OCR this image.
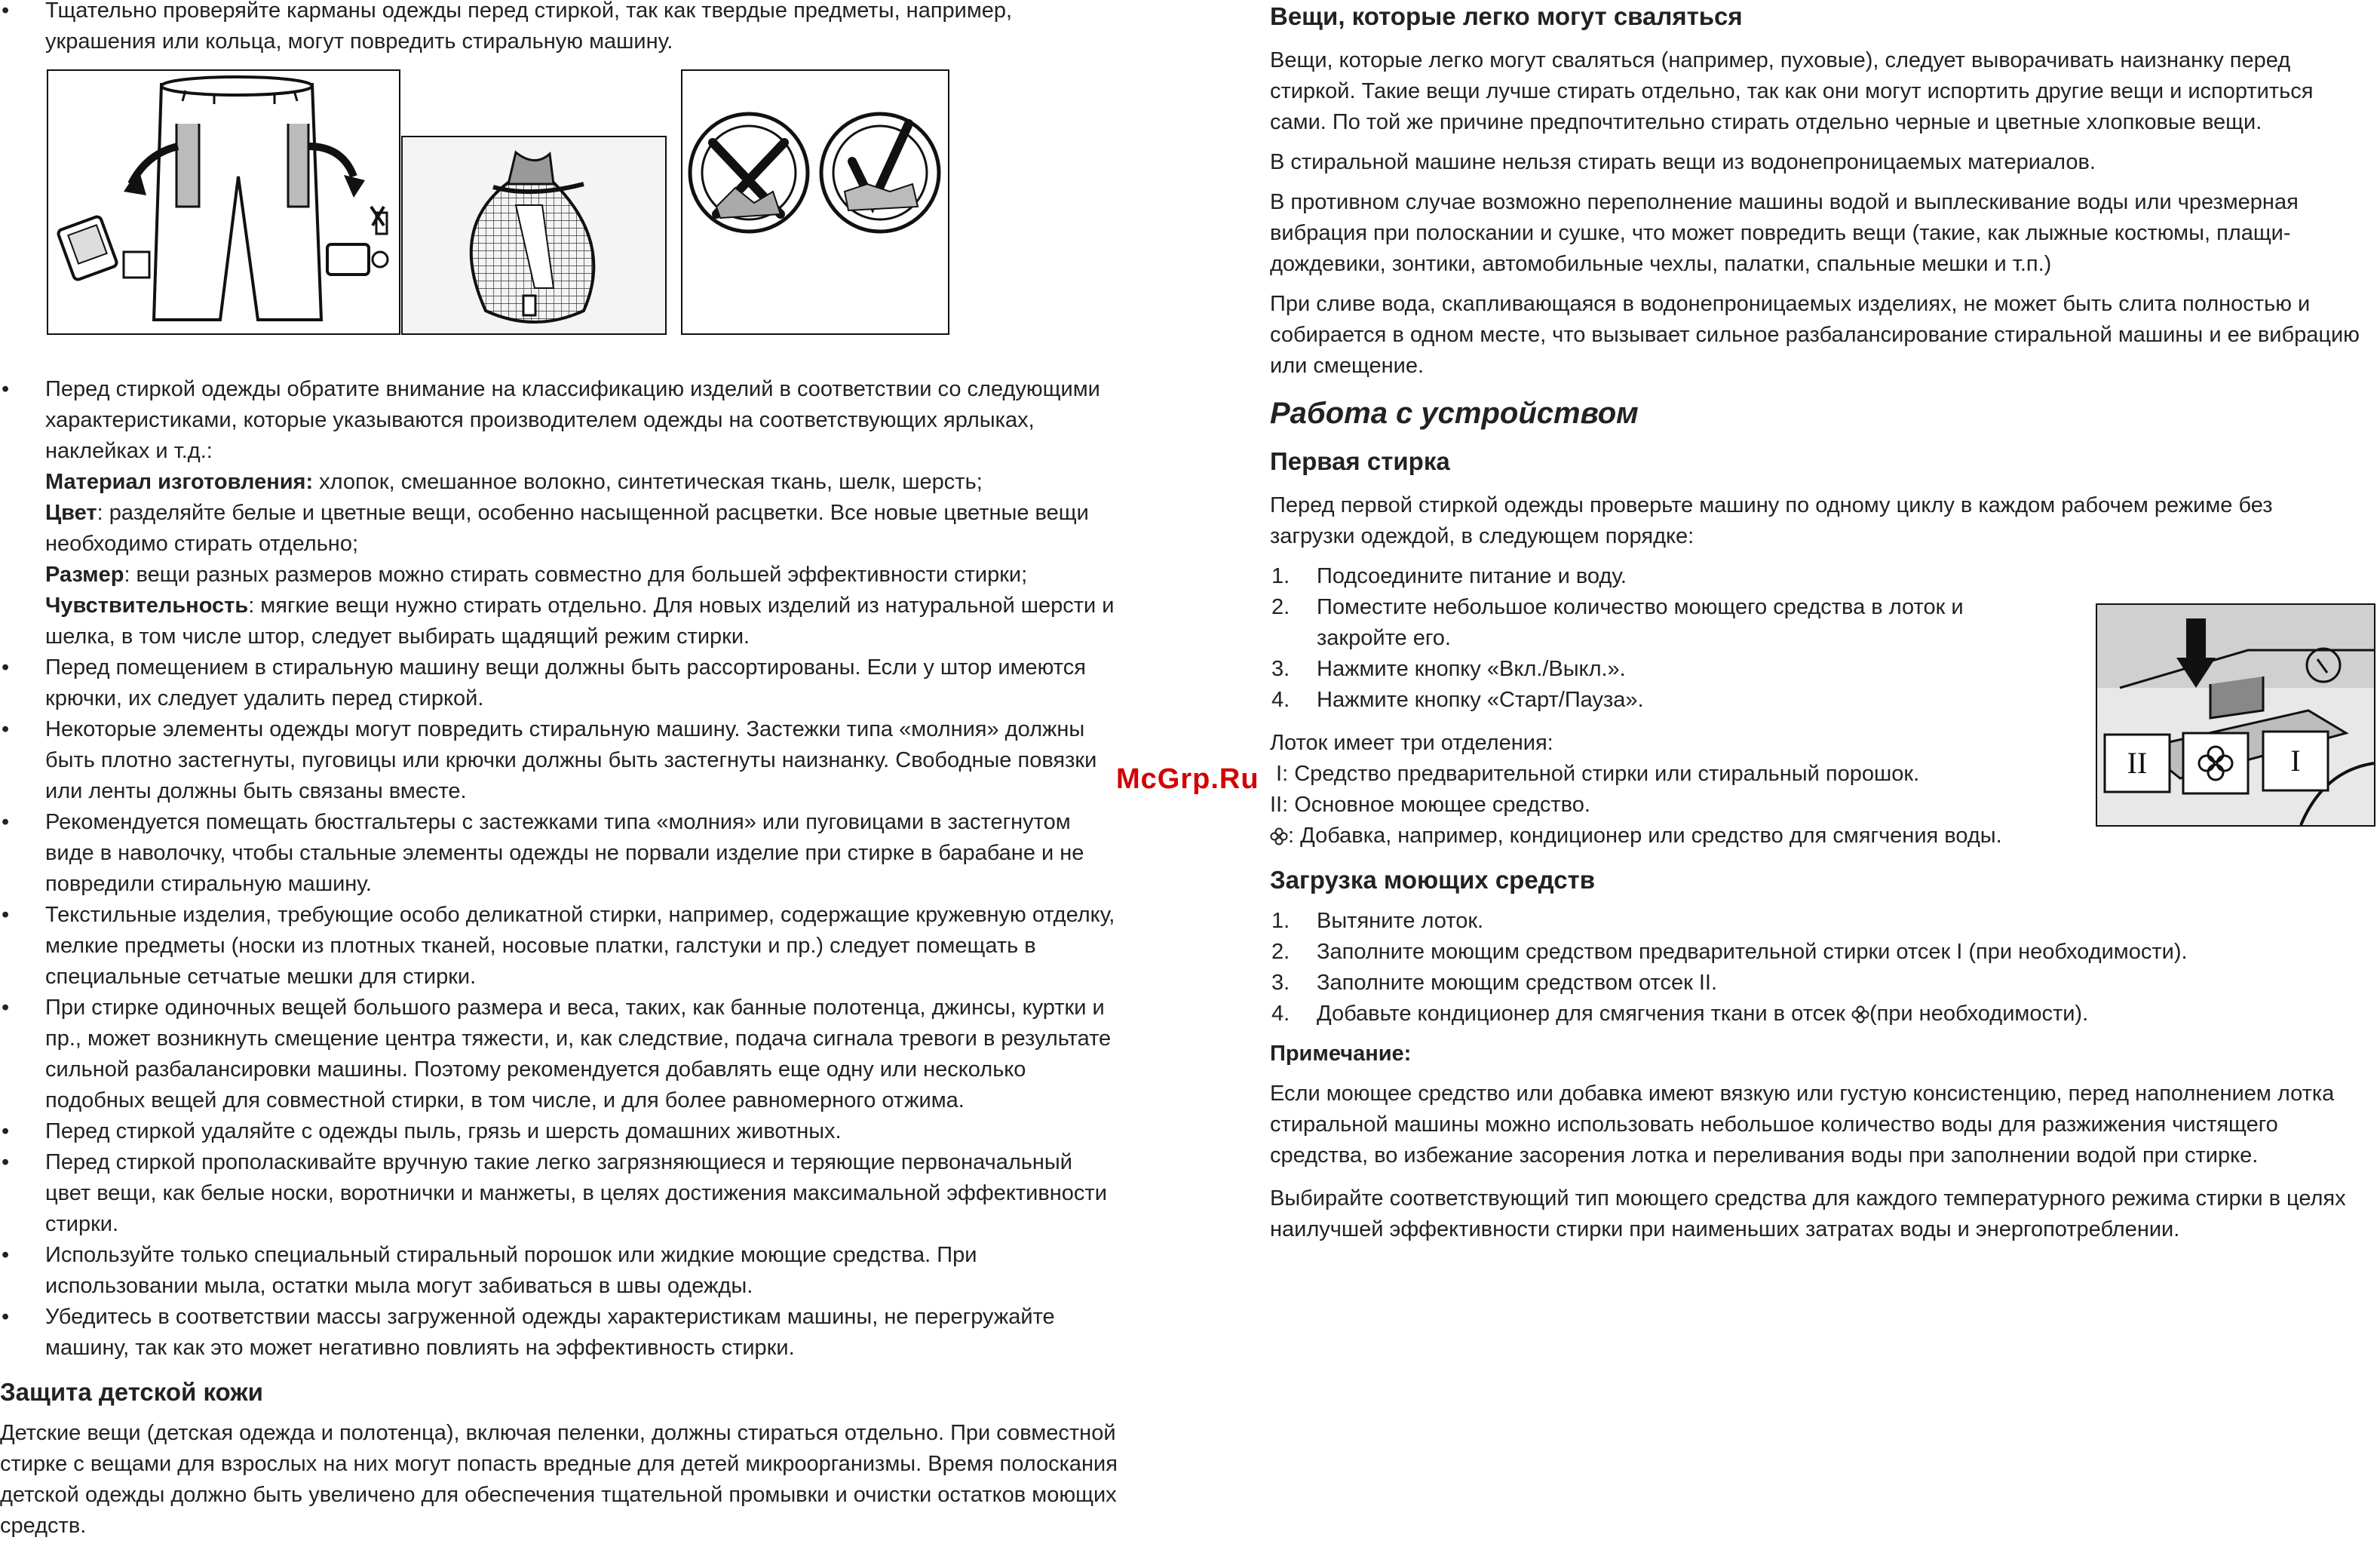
• Тщательно проверяйте карманы одежды перед стиркой, так как твердые предметы, например, украшения или кольца, могут повредить стиральную машину.
• Перед стиркой одежды обратите внимание на классификацию изделий в соответствии со следующими характеристиками, которые указываются производителем одежды на соответствующих ярлыках, наклейках и т.д.:
Материал изготовления: хлопок, смешанное волокно, синтетическая ткань, шелк, шерсть;
Цвет: разделяйте белые и цветные вещи, особенно насыщенной расцветки. Все новые цветные вещи необходимо стирать отдельно;
Размер: вещи разных размеров можно стирать совместно для большей эффективности стирки;
Чувствительность: мягкие вещи нужно стирать отдельно. Для новых изделий из натуральной шерсти и шелка, в том числе штор, следует выбирать щадящий режим стирки.
• Перед помещением в стиральную машину вещи должны быть рассортированы. Если у штор имеются крючки, их следует удалить перед стиркой.
• Некоторые элементы одежды могут повредить стиральную машину. Застежки типа «молния» должны быть плотно застегнуты, пуговицы или крючки должны быть застегнуты наизнанку. Свободные повязки или ленты должны быть связаны вместе.
• Рекомендуется помещать бюстгальтеры с застежками типа «молния» или пуговицами в застегнутом виде в наволочку, чтобы стальные элементы одежды не порвали изделие при стирке в барабане и не повредили стиральную машину.
• Текстильные изделия, требующие особо деликатной стирки, например, содержащие кружевную отделку, мелкие предметы (носки из плотных тканей, носовые платки, галстуки и пр.) следует помещать в специальные сетчатые мешки для стирки.
• При стирке одиночных вещей большого размера и веса, таких, как банные полотенца, джинсы, куртки и пр., может возникнуть смещение центра тяжести, и, как следствие, подача сигнала тревоги в результате сильной разбалансировки машины. Поэтому рекомендуется добавлять еще одну или несколько подобных вещей для совместной стирки, в том числе, и для более равномерного отжима.
• Перед стиркой удаляйте с одежды пыль, грязь и шерсть домашних животных.
• Перед стиркой прополаскивайте вручную такие легко загрязняющиеся и теряющие первоначальный цвет вещи, как белые носки, воротнички и манжеты, в целях достижения максимальной эффективности стирки.
• Используйте только специальный стиральный порошок или жидкие моющие средства. При использовании мыла, остатки мыла могут забиваться в швы одежды.
• Убедитесь в соответствии массы загруженной одежды характеристикам машины, не перегружайте машину, так как это может негативно повлиять на эффективность стирки.
Защита детской кожи

Детские вещи (детская одежда и полотенца), включая пеленки, должны стираться отдельно. При совместной стирке с вещами для взрослых на них могут попасть вредные для детей микроорганизмы. Время полоскания детской одежды должно быть увеличено для обеспечения тщательной промывки и очистки остатков моющих средств.

Вещи, которые легко могут сваляться

Вещи, которые легко могут сваляться (например, пуховые), следует выворачивать наизнанку перед стиркой. Такие вещи лучше стирать отдельно, так как они могут испортить другие вещи и испортиться сами. По той же причине предпочтительно стирать отдельно черные и цветные хлопковые вещи.

В стиральной машине нельзя стирать вещи из водонепроницаемых материалов.

В противном случае возможно переполнение машины водой и выплескивание воды или чрезмерная вибрация при полоскании и сушке, что может повредить вещи (такие, как лыжные костюмы, плащи-дождевики, зонтики, автомобильные чехлы, палатки, спальные мешки и т.п.)

При сливе вода, скапливающаяся в водонепроницаемых изделиях, не может быть слита полностью и собирается в одном месте, что вызывает сильное разбалансирование стиральной машины и ее вибрацию или смещение.

Работа с устройством
Первая стирка

Перед первой стиркой одежды проверьте машину по одному циклу в каждом рабочем режиме без загрузки одеждой, в следующем порядке:

1. Подсоедините питание и воду.
2. Поместите небольшое количество моющего средства в лоток и закройте его.
3. Нажмите кнопку «Вкл./Выкл.».
4. Нажмите кнопку «Старт/Пауза».

Лоток имеет три отделения:

I: Средство предварительной стирки или стиральный порошок.

II: Основное моющее средство.

: Добавка, например, кондиционер или средство для смягчения воды.

Загрузка моющих средств
1. Вытяните лоток.
2. Заполните моющим средством предварительной стирки отсек I (при необходимости).
3. Заполните моющим средством отсек II.
4. Добавьте кондиционер для смягчения ткани в отсек (при необходимости).

Примечание:

Если моющее средство или добавка имеют вязкую или густую консистенцию, перед наполнением лотка стиральной машины можно использовать небольшое количество воды для разжижения чистящего средства, во избежание засорения лотка и переливания воды при заполнении водой при стирке.

Выбирайте соответствующий тип моющего средства для каждого температурного режима стирки в целях наилучшей эффективности стирки при наименьших затратах воды и энергопотреблении.

II	I
McGrp.Ru
